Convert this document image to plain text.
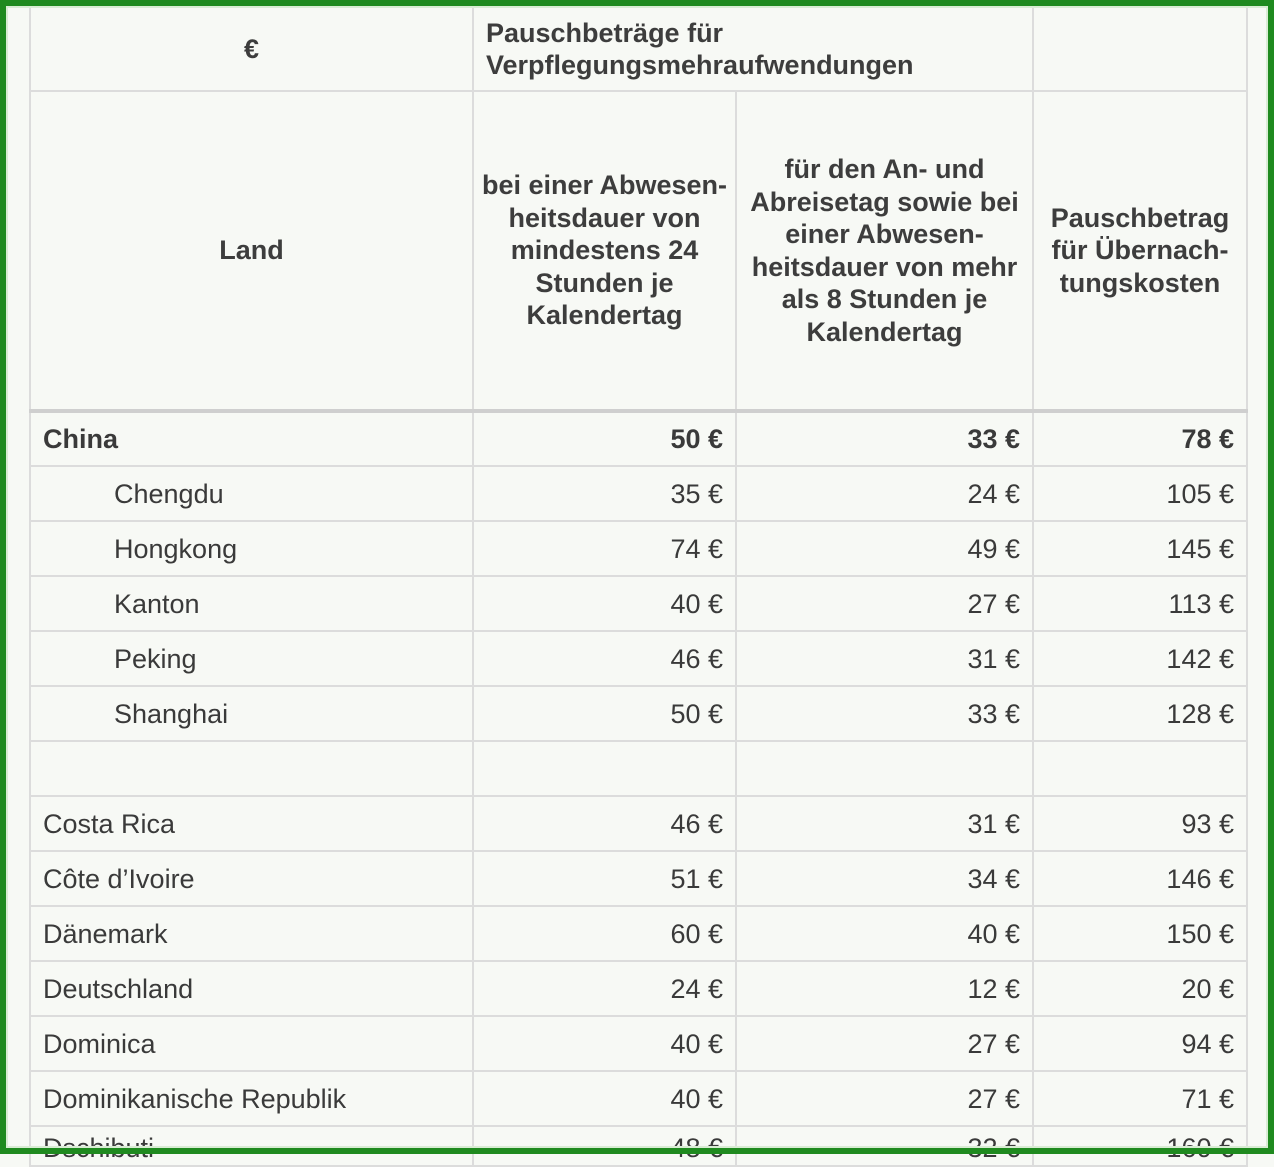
€	Pauschbeträge für Verpflegungsmehraufwendungen		
Land	bei einer Abwesen-heitsdauer von mindestens 24 Stunden je Kalendertag	für den An- und Abreisetag sowie bei einer Abwesen-heitsdauer von mehr als 8 Stunden je Kalendertag	Pauschbetrag für Übernach-tungskosten
China	50 €	33 €	78 €
Chengdu	35 €	24 €	105 €
Hongkong	74 €	49 €	145 €
Kanton	40 €	27 €	113 €
Peking	46 €	31 €	142 €
Shanghai	50 €	33 €	128 €

Costa Rica	46 €	31 €	93 €
Côte d’Ivoire	51 €	34 €	146 €
Dänemark	60 €	40 €	150 €
Deutschland	24 €	12 €	20 €
Dominica	40 €	27 €	94 €
Dominikanische Republik	40 €	27 €	71 €
Dschibuti	48 €	32 €	160 €
